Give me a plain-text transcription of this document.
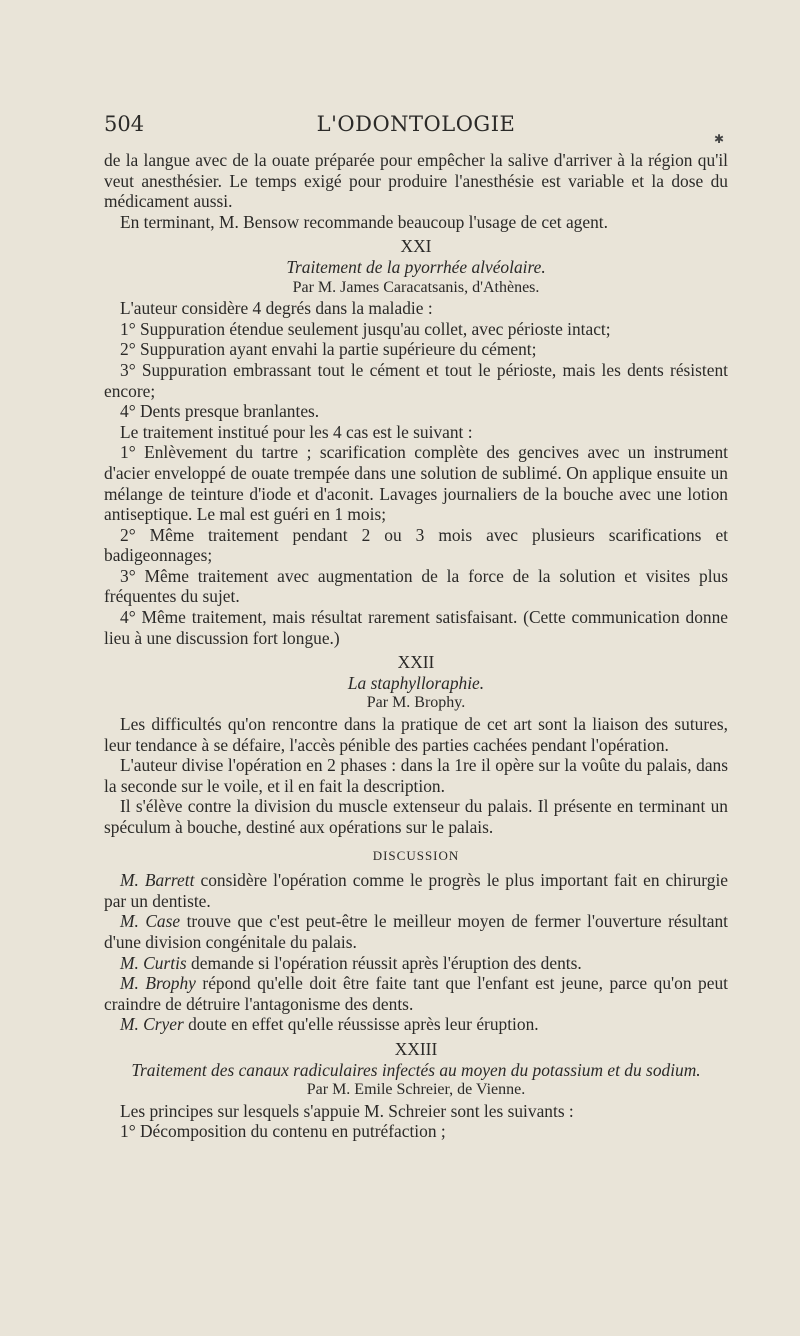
504	L'ODONTOLOGIE
✱

de la langue avec de la ouate préparée pour empêcher la salive d'arriver à la région qu'il veut anesthésier. Le temps exigé pour produire l'anesthésie est variable et la dose du médicament aussi.

En terminant, M. Bensow recommande beaucoup l'usage de cet agent.

XXI

Traitement de la pyorrhée alvéolaire.

Par M. James Caracatsanis, d'Athènes.

L'auteur considère 4 degrés dans la maladie :

1° Suppuration étendue seulement jusqu'au collet, avec périoste intact;

2° Suppuration ayant envahi la partie supérieure du cément;

3° Suppuration embrassant tout le cément et tout le périoste, mais les dents résistent encore;

4° Dents presque branlantes.

Le traitement institué pour les 4 cas est le suivant :

1° Enlèvement du tartre ; scarification complète des gencives avec un instrument d'acier enveloppé de ouate trempée dans une solution de sublimé. On applique ensuite un mélange de teinture d'iode et d'aconit. Lavages journaliers de la bouche avec une lotion antiseptique. Le mal est guéri en 1 mois;

2° Même traitement pendant 2 ou 3 mois avec plusieurs scarifications et badigeonnages;

3° Même traitement avec augmentation de la force de la solution et visites plus fréquentes du sujet.

4° Même traitement, mais résultat rarement satisfaisant. (Cette communication donne lieu à une discussion fort longue.)

XXII

La staphylloraphie.

Par M. Brophy.

Les difficultés qu'on rencontre dans la pratique de cet art sont la liaison des sutures, leur tendance à se défaire, l'accès pénible des parties cachées pendant l'opération.

L'auteur divise l'opération en 2 phases : dans la 1re il opère sur la voûte du palais, dans la seconde sur le voile, et il en fait la description.

Il s'élève contre la division du muscle extenseur du palais. Il présente en terminant un spéculum à bouche, destiné aux opérations sur le palais.

DISCUSSION

M. Barrett considère l'opération comme le progrès le plus important fait en chirurgie par un dentiste.

M. Case trouve que c'est peut-être le meilleur moyen de fermer l'ouverture résultant d'une division congénitale du palais.

M. Curtis demande si l'opération réussit après l'éruption des dents.

M. Brophy répond qu'elle doit être faite tant que l'enfant est jeune, parce qu'on peut craindre de détruire l'antagonisme des dents.

M. Cryer doute en effet qu'elle réussisse après leur éruption.

XXIII

Traitement des canaux radiculaires infectés au moyen du potassium et du sodium.

Par M. Emile Schreier, de Vienne.

Les principes sur lesquels s'appuie M. Schreier sont les suivants :

1° Décomposition du contenu en putréfaction ;
